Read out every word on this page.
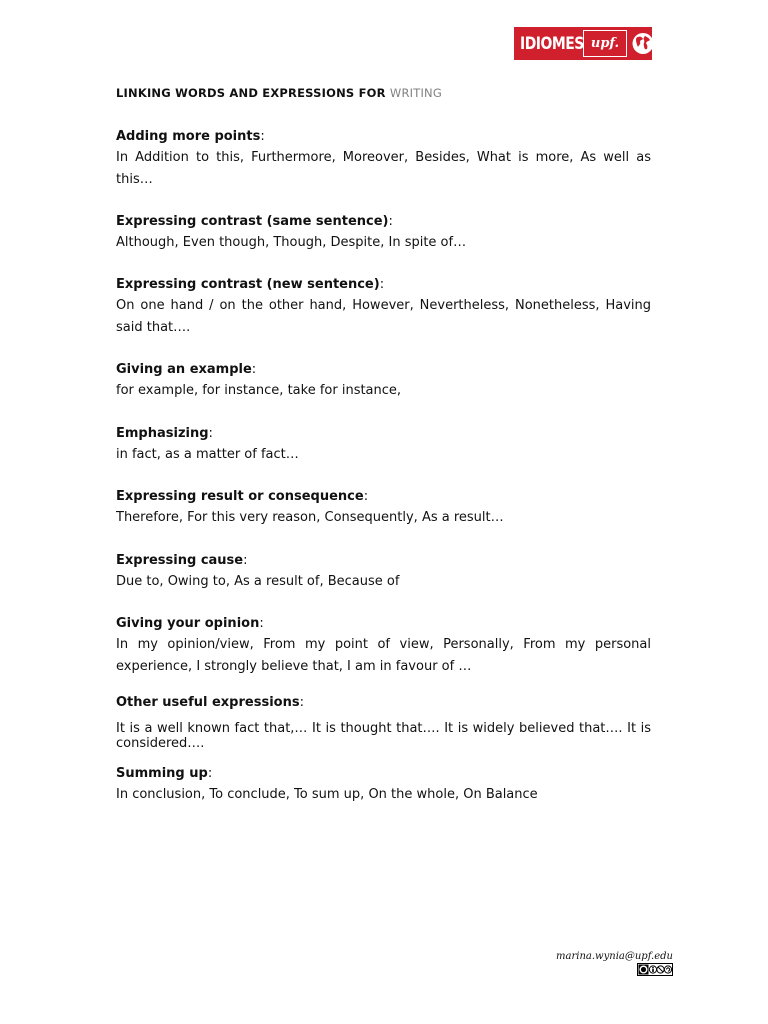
IDIOMES upf.
LINKING WORDS AND EXPRESSIONS FOR WRITING
Adding more points:
In Addition to this, Furthermore, Moreover, Besides, What is more, As well as this…
Expressing contrast (same sentence):
Although, Even though, Though, Despite, In spite of…
Expressing contrast (new sentence):
On one hand / on the other hand, However, Nevertheless, Nonetheless, Having said that….
Giving an example:
for example, for instance, take for instance,
Emphasizing:
in fact, as a matter of fact…
Expressing result or consequence:
Therefore, For this very reason, Consequently, As a result…
Expressing cause:
Due to, Owing to, As a result of, Because of
Giving your opinion:
In my opinion/view, From my point of view, Personally, From my personal experience, I strongly believe that, I am in favour of …
Other useful expressions:
It is a well known fact that,… It is thought that…. It is widely believed that…. It is considered….
Summing up:
In conclusion, To conclude, To sum up, On the whole, On Balance
marina.wynia@upf.edu
